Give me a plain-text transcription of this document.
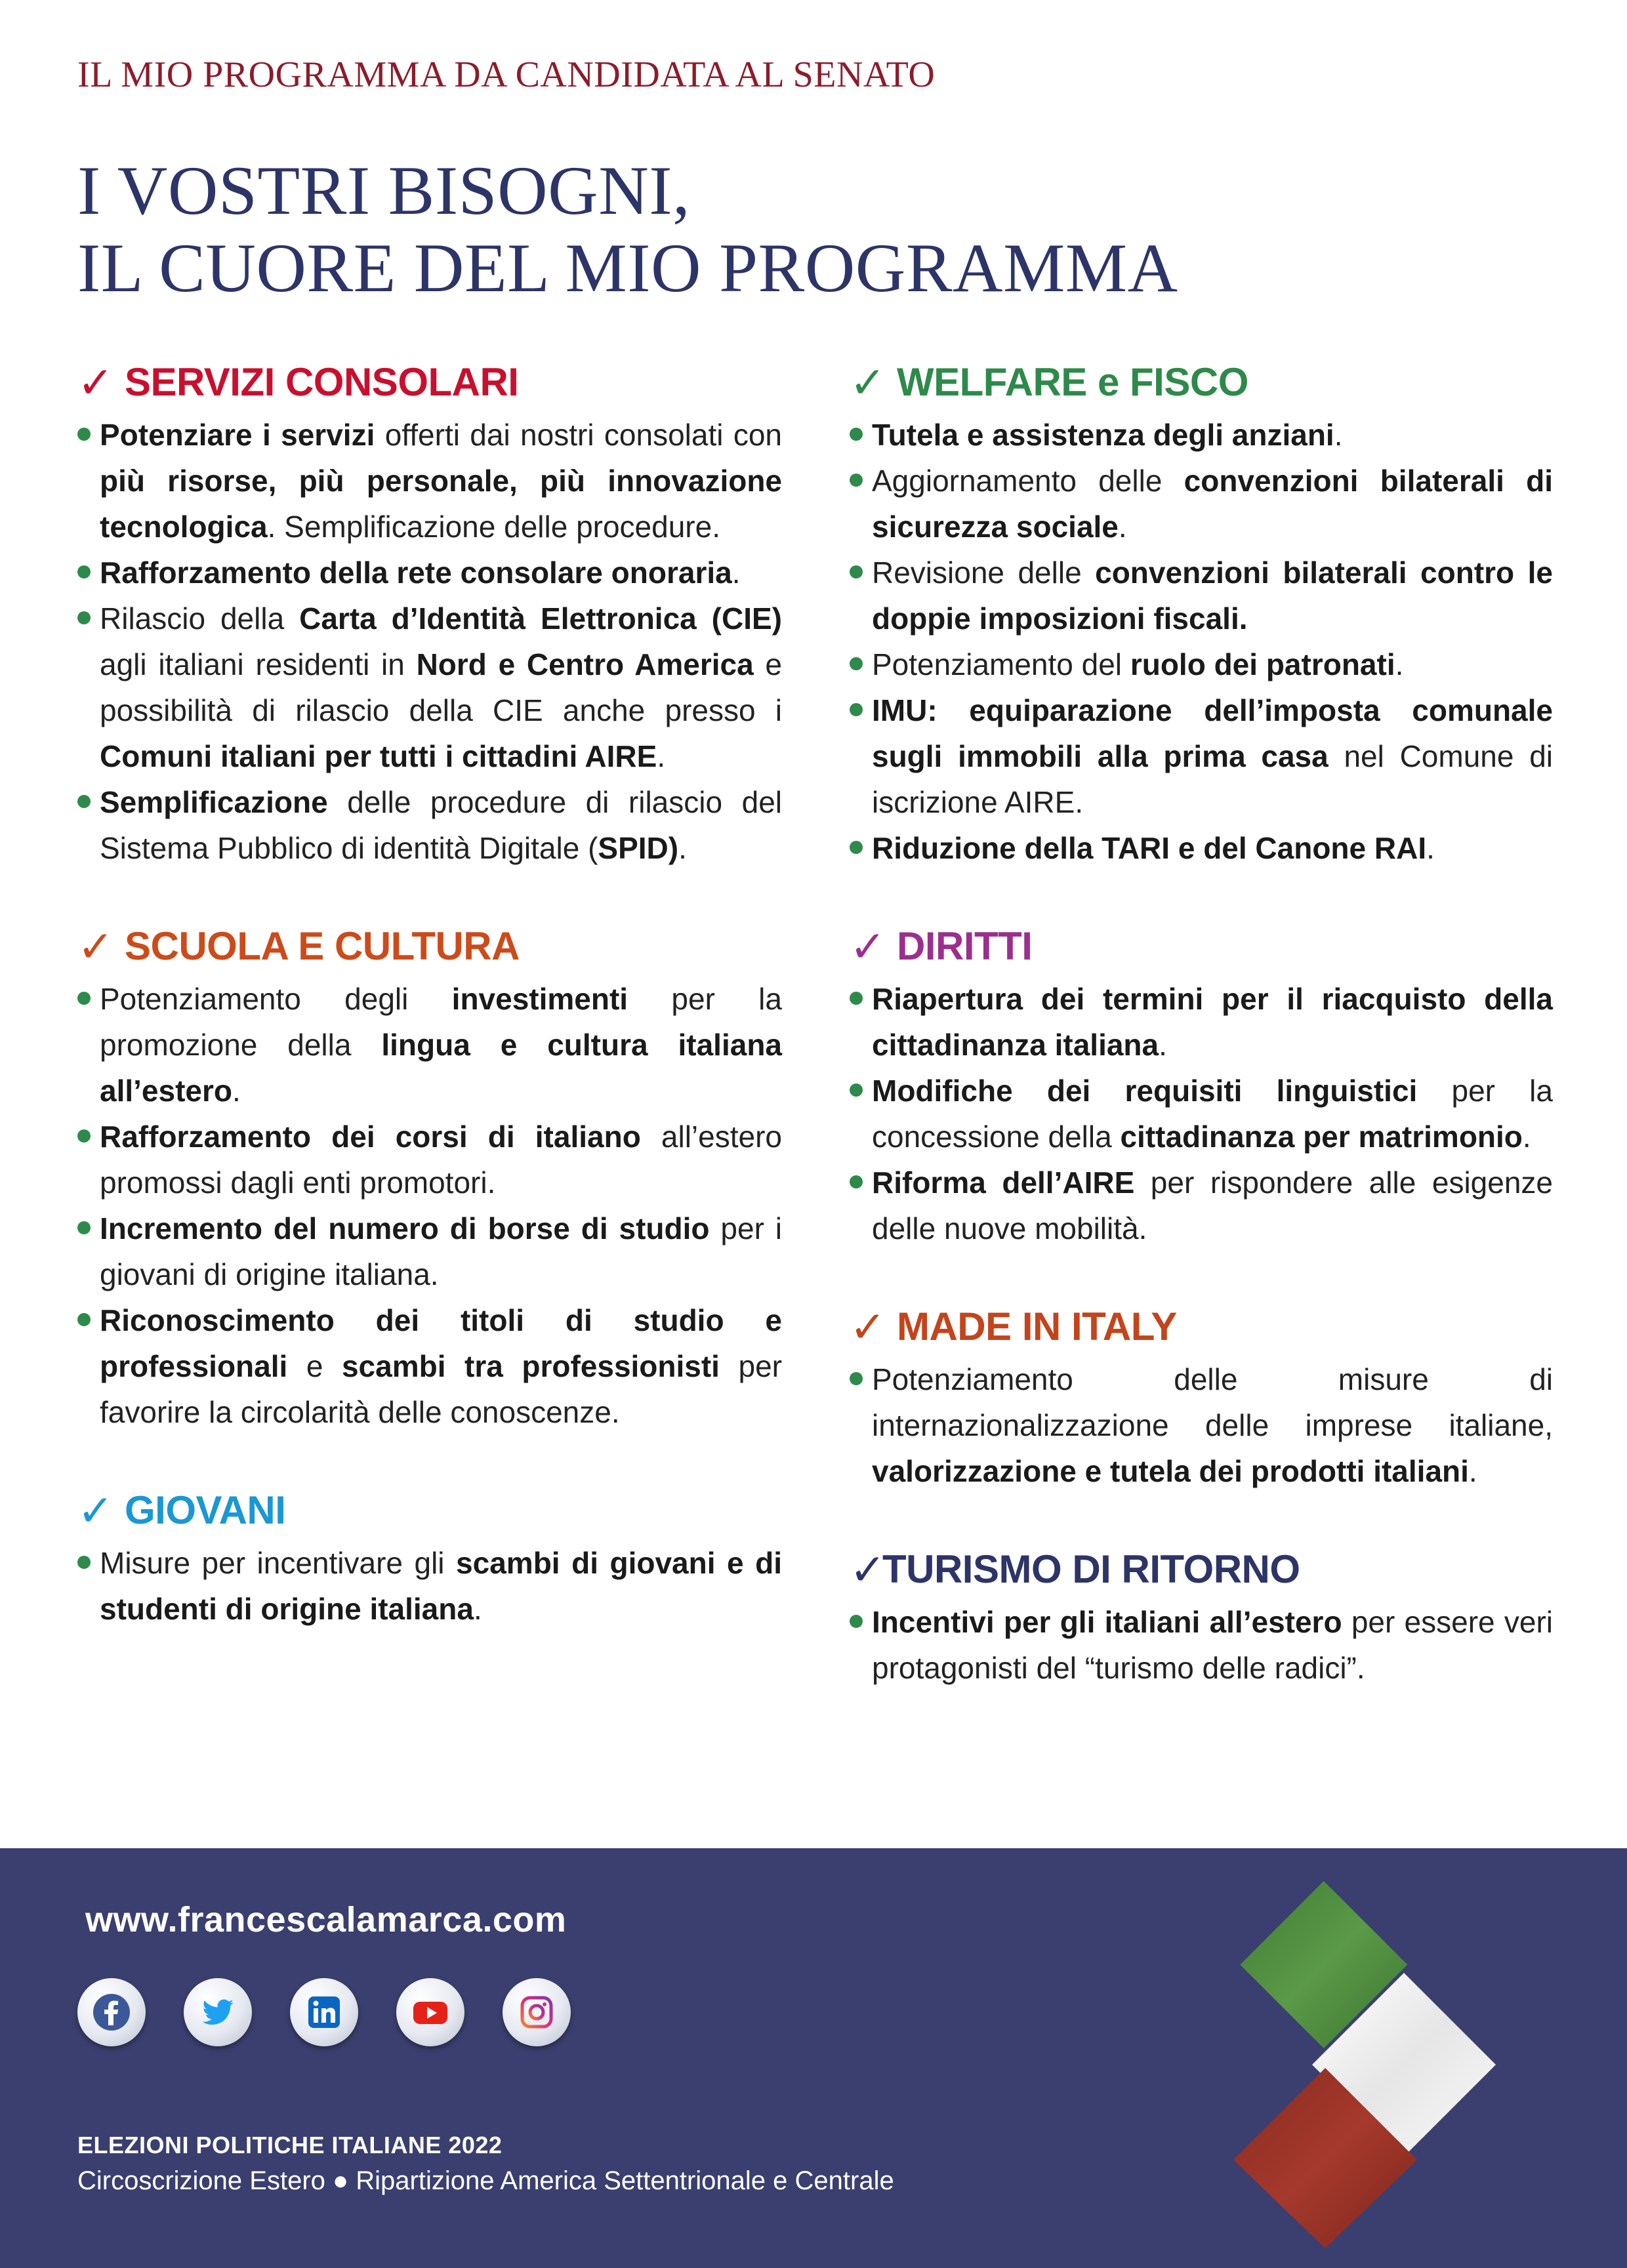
IL MIO PROGRAMMA DA CANDIDATA AL SENATO
I VOSTRI BISOGNI,
IL CUORE DEL MIO PROGRAMMA
✓ SERVIZI CONSOLARI
Potenziare i servizi offerti dai nostri consolati con più risorse, più personale, più innovazione tecnologica. Semplificazione delle procedure.
Rafforzamento della rete consolare onoraria.
Rilascio della Carta d’Identità Elettronica (CIE) agli italiani residenti in Nord e Centro America e possibilità di rilascio della CIE anche presso i Comuni italiani per tutti i cittadini AIRE.
Semplificazione delle procedure di rilascio del Sistema Pubblico di identità Digitale (SPID).
✓ SCUOLA E CULTURA
Potenziamento degli investimenti per la promozione della lingua e cultura italiana all’estero.
Rafforzamento dei corsi di italiano all’estero promossi dagli enti promotori.
Incremento del numero di borse di studio per i giovani di origine italiana.
Riconoscimento dei titoli di studio e professionali e scambi tra professionisti per favorire la circolarità delle conoscenze.
✓ GIOVANI
Misure per incentivare gli scambi di giovani e di studenti di origine italiana.
✓ WELFARE e FISCO
Tutela e assistenza degli anziani.
Aggiornamento delle convenzioni bilaterali di sicurezza sociale.
Revisione delle convenzioni bilaterali contro le doppie imposizioni fiscali.
Potenziamento del ruolo dei patronati.
IMU: equiparazione dell’imposta comunale sugli immobili alla prima casa nel Comune di iscrizione AIRE.
Riduzione della TARI e del Canone RAI.
✓ DIRITTI
Riapertura dei termini per il riacquisto della cittadinanza italiana.
Modifiche dei requisiti linguistici per la concessione della cittadinanza per matrimonio.
Riforma dell’AIRE per rispondere alle esigenze delle nuove mobilità.
✓ MADE IN ITALY
Potenziamento delle misure di internazionalizzazione delle imprese italiane, valorizzazione e tutela dei prodotti italiani.
✓
TURISMO DI RITORNO
Incentivi per gli italiani all’estero per essere veri protagonisti del “turismo delle radici”.
www.francescalamarca.com
ELEZIONI POLITICHE ITALIANE 2022
Circoscrizione Estero ● Ripartizione America Settentrionale e Centrale
